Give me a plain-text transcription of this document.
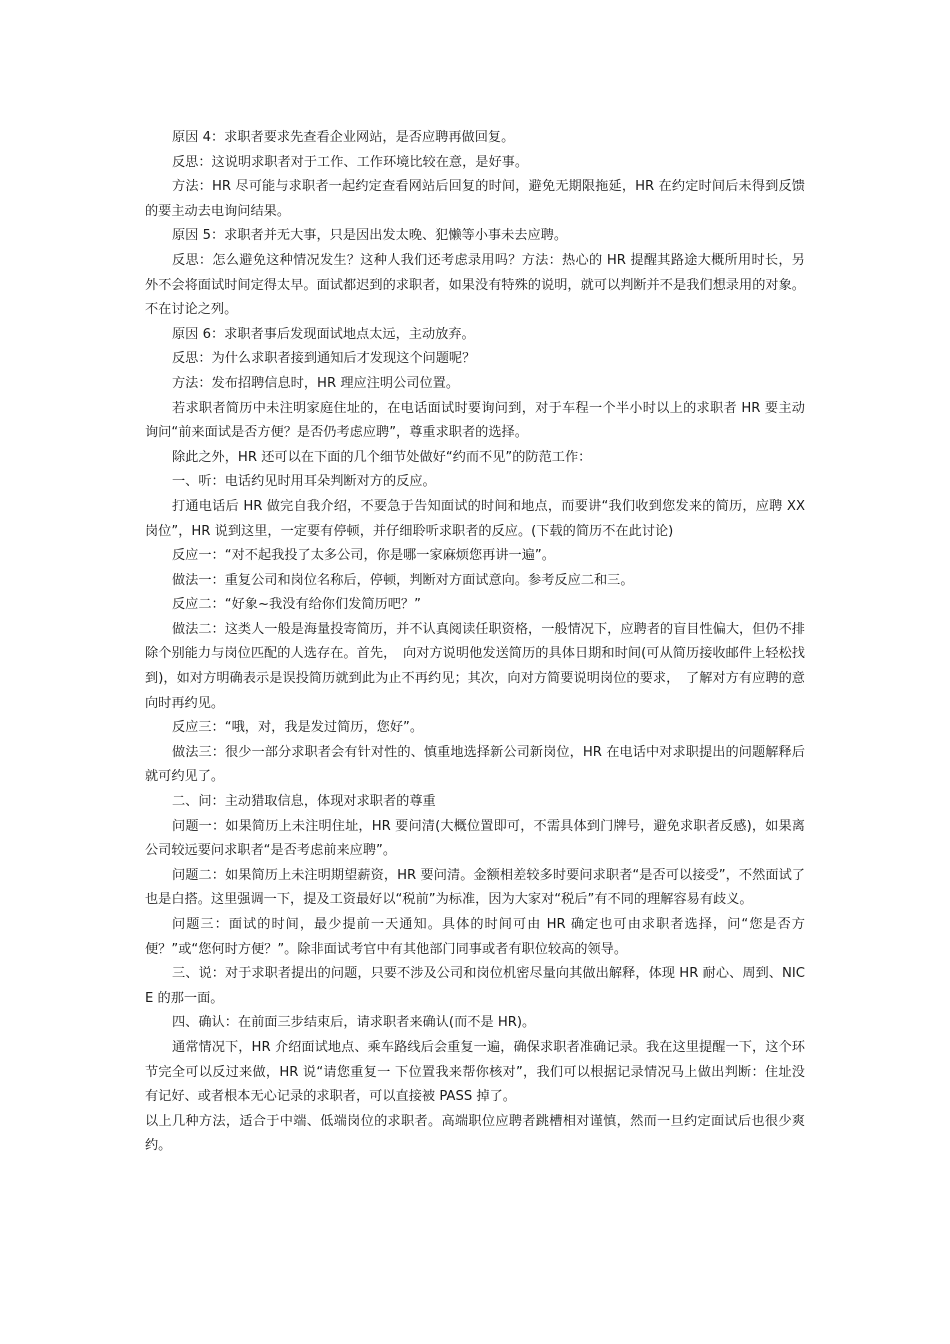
原因 4：求职者要求先查看企业网站，是否应聘再做回复。

反思：这说明求职者对于工作、工作环境比较在意，是好事。

方法：HR 尽可能与求职者一起约定查看网站后回复的时间，避免无期限拖延，HR 在约定时间后未得到反馈的要主动去电询问结果。

原因 5：求职者并无大事，只是因出发太晚、犯懒等小事未去应聘。

反思：怎么避免这种情况发生？这种人我们还考虑录用吗？方法：热心的 HR 提醒其路途大概所用时长，另外不会将面试时间定得太早。面试都迟到的求职者，如果没有特殊的说明，就可以判断并不是我们想录用的对象。不在讨论之列。

原因 6：求职者事后发现面试地点太远，主动放弃。

反思：为什么求职者接到通知后才发现这个问题呢？

方法：发布招聘信息时，HR 理应注明公司位置。

若求职者简历中未注明家庭住址的，在电话面试时要询问到，对于车程一个半小时以上的求职者 HR 要主动询问“前来面试是否方便？是否仍考虑应聘”，尊重求职者的选择。

除此之外，HR 还可以在下面的几个细节处做好“约而不见”的防范工作：

一、听：电话约见时用耳朵判断对方的反应。

打通电话后 HR 做完自我介绍，不要急于告知面试的时间和地点，而要讲“我们收到您发来的简历，应聘 XX 岗位”，HR 说到这里，一定要有停顿，并仔细聆听求职者的反应。(下载的简历不在此讨论)

反应一：“对不起我投了太多公司，你是哪一家麻烦您再讲一遍”。

做法一：重复公司和岗位名称后，停顿，判断对方面试意向。参考反应二和三。

反应二：“好象~我没有给你们发简历吧？”

做法二：这类人一般是海量投寄简历，并不认真阅读任职资格，一般情况下，应聘者的盲目性偏大，但仍不排除个别能力与岗位匹配的人选存在。首先，　向对方说明他发送简历的具体日期和时间(可从简历接收邮件上轻松找到)，如对方明确表示是误投简历就到此为止不再约见；其次，向对方简要说明岗位的要求，　了解对方有应聘的意向时再约见。

反应三：“哦，对，我是发过简历，您好”。

做法三：很少一部分求职者会有针对性的、慎重地选择新公司新岗位，HR 在电话中对求职提出的问题解释后就可约见了。

二、问：主动猎取信息，体现对求职者的尊重

问题一：如果简历上未注明住址，HR 要问清(大概位置即可，不需具体到门牌号，避免求职者反感)，如果离公司较远要问求职者“是否考虑前来应聘”。

问题二：如果简历上未注明期望薪资，HR 要问清。金额相差较多时要问求职者“是否可以接受”，不然面试了也是白搭。这里强调一下，提及工资最好以“税前”为标准，因为大家对“税后”有不同的理解容易有歧义。

问题三：面试的时间，最少提前一天通知。具体的时间可由 HR 确定也可由求职者选择，问“您是否方便？”或“您何时方便？”。除非面试考官中有其他部门同事或者有职位较高的领导。

三、说：对于求职者提出的问题，只要不涉及公司和岗位机密尽量向其做出解释，体现 HR 耐心、周到、NICE 的那一面。

四、确认：在前面三步结束后，请求职者来确认(而不是 HR)。

通常情况下，HR 介绍面试地点、乘车路线后会重复一遍，确保求职者准确记录。我在这里提醒一下，这个环节完全可以反过来做，HR 说“请您重复一 下位置我来帮你核对”，我们可以根据记录情况马上做出判断：住址没有记好、或者根本无心记录的求职者，可以直接被 PASS 掉了。

以上几种方法，适合于中端、低端岗位的求职者。高端职位应聘者跳槽相对谨慎，然而一旦约定面试后也很少爽约。
